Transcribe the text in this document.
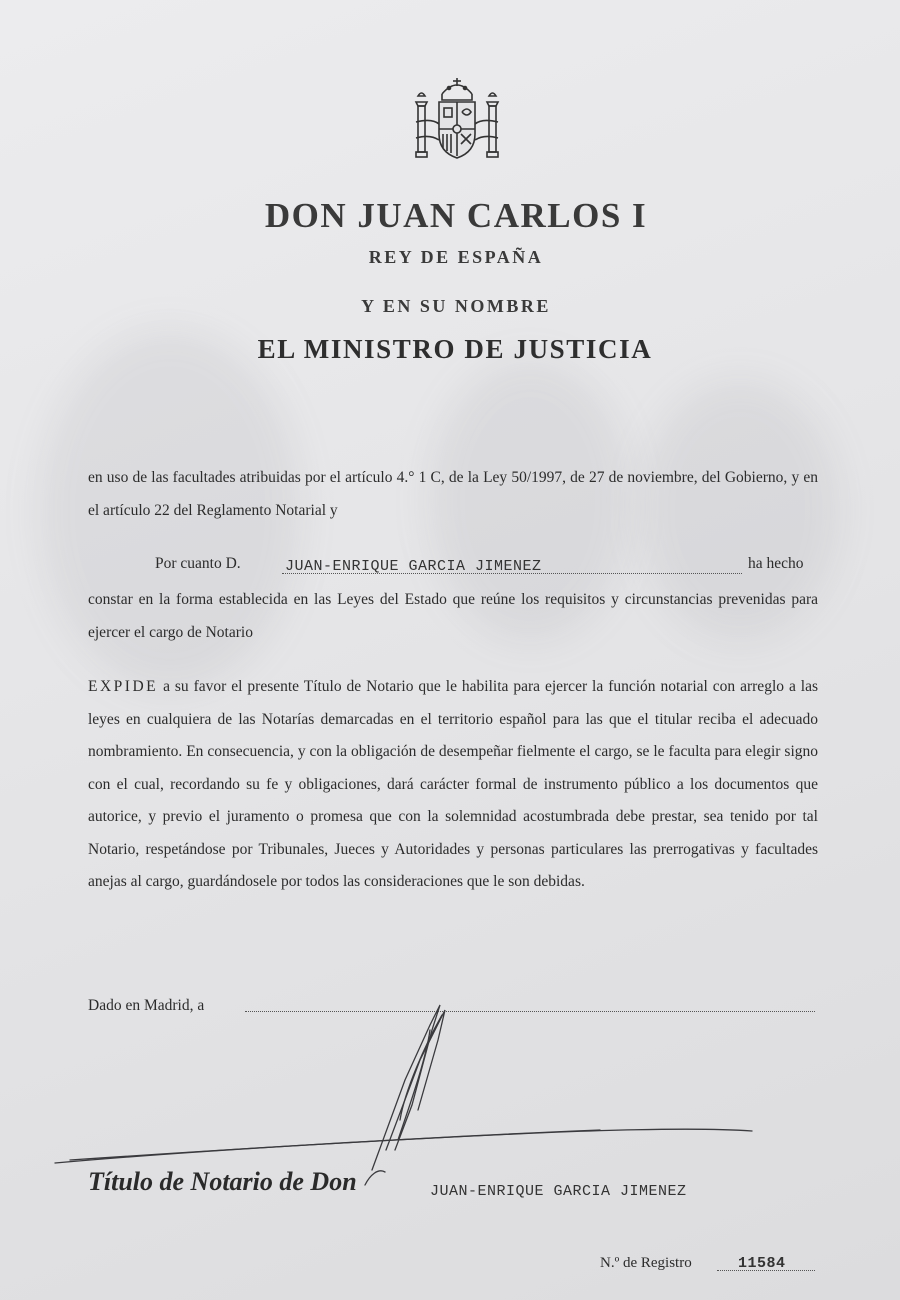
DON JUAN CARLOS I
REY DE ESPAÑA
Y EN SU NOMBRE
EL MINISTRO DE JUSTICIA
en uso de las facultades atribuidas por el artículo 4.° 1 C, de la Ley 50/1997, de 27 de noviembre, del Gobierno, y en el artículo 22 del Reglamento Notarial y
Por cuanto D.	JUAN-ENRIQUE GARCIA JIMENEZ	ha hecho
constar en la forma establecida en las Leyes del Estado que reúne los requisitos y circunstancias prevenidas para ejercer el cargo de Notario
EXPIDE a su favor el presente Título de Notario que le habilita para ejercer la función notarial con arreglo a las leyes en cualquiera de las Notarías demarcadas en el territorio español para las que el titular reciba el adecuado nombramiento. En consecuencia, y con la obligación de desempeñar fielmente el cargo, se le faculta para elegir signo con el cual, recordando su fe y obligaciones, dará carácter formal de instrumento público a los documentos que autorice, y previo el juramento o promesa que con la solemnidad acostumbrada debe prestar, sea tenido por tal Notario, respetándose por Tribunales, Jueces y Autoridades y personas particulares las prerrogativas y facultades anejas al cargo, guardándosele por todos las consideraciones que le son debidas.
Dado en Madrid, a
Título de Notario de Don	JUAN-ENRIQUE GARCIA JIMENEZ
N.º de Registro	11584
